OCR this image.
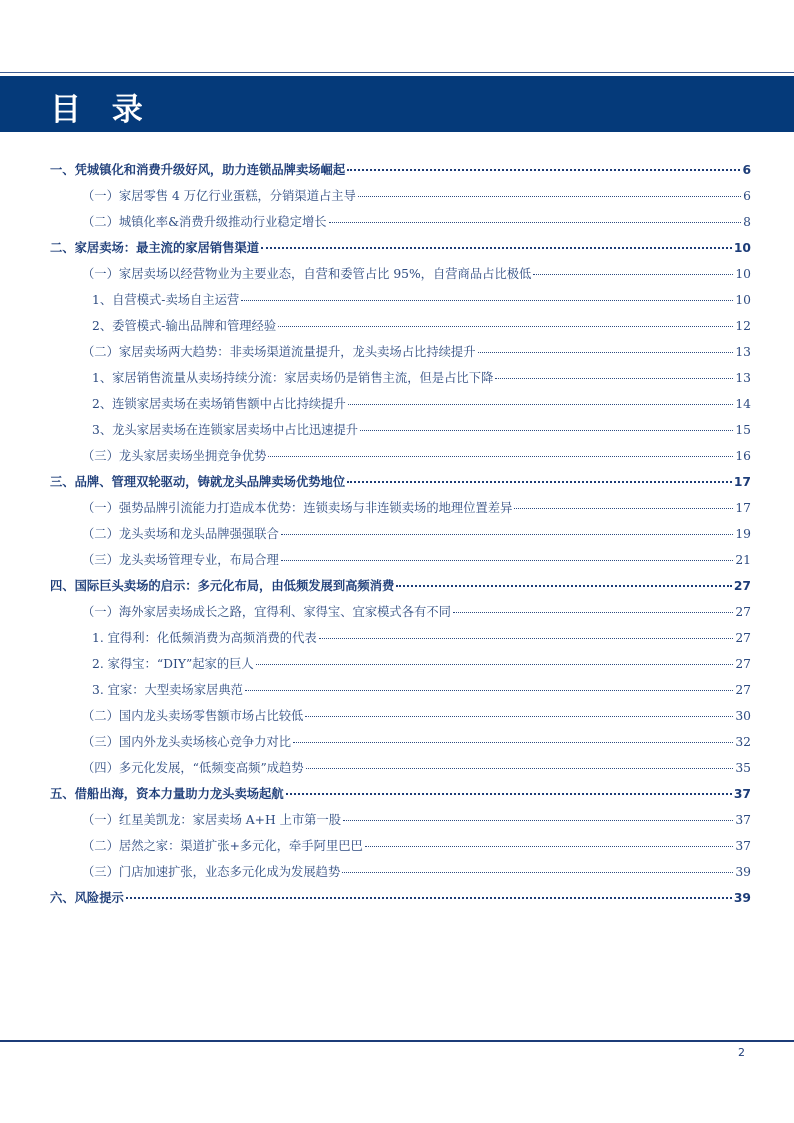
目 录
一、凭城镇化和消费升级好风，助力连锁品牌卖场崛起	6
（一）家居零售 4 万亿行业蛋糕，分销渠道占主导	6
（二）城镇化率&消费升级推动行业稳定增长	8
二、家居卖场：最主流的家居销售渠道	10
（一）家居卖场以经营物业为主要业态，自营和委管占比 95%，自营商品占比极低	10
1、自营模式-卖场自主运营	10
2、委管模式-输出品牌和管理经验	12
（二）家居卖场两大趋势：非卖场渠道流量提升，龙头卖场占比持续提升	13
1、家居销售流量从卖场持续分流：家居卖场仍是销售主流，但是占比下降	13
2、连锁家居卖场在卖场销售额中占比持续提升	14
3、龙头家居卖场在连锁家居卖场中占比迅速提升	15
（三）龙头家居卖场坐拥竞争优势	16
三、品牌、管理双轮驱动，铸就龙头品牌卖场优势地位	17
（一）强势品牌引流能力打造成本优势：连锁卖场与非连锁卖场的地理位置差异	17
（二）龙头卖场和龙头品牌强强联合	19
（三）龙头卖场管理专业，布局合理	21
四、国际巨头卖场的启示：多元化布局，由低频发展到高频消费	27
（一）海外家居卖场成长之路，宜得利、家得宝、宜家模式各有不同	27
1. 宜得利：化低频消费为高频消费的代表	27
2. 家得宝：“DIY”起家的巨人	27
3. 宜家：大型卖场家居典范	27
（二）国内龙头卖场零售额市场占比较低	30
（三）国内外龙头卖场核心竞争力对比	32
（四）多元化发展，“低频变高频”成趋势	35
五、借船出海，资本力量助力龙头卖场起航	37
（一）红星美凯龙：家居卖场 A+H 上市第一股	37
（二）居然之家：渠道扩张+多元化，牵手阿里巴巴	37
（三）门店加速扩张，业态多元化成为发展趋势	39
六、风险提示	39
2
